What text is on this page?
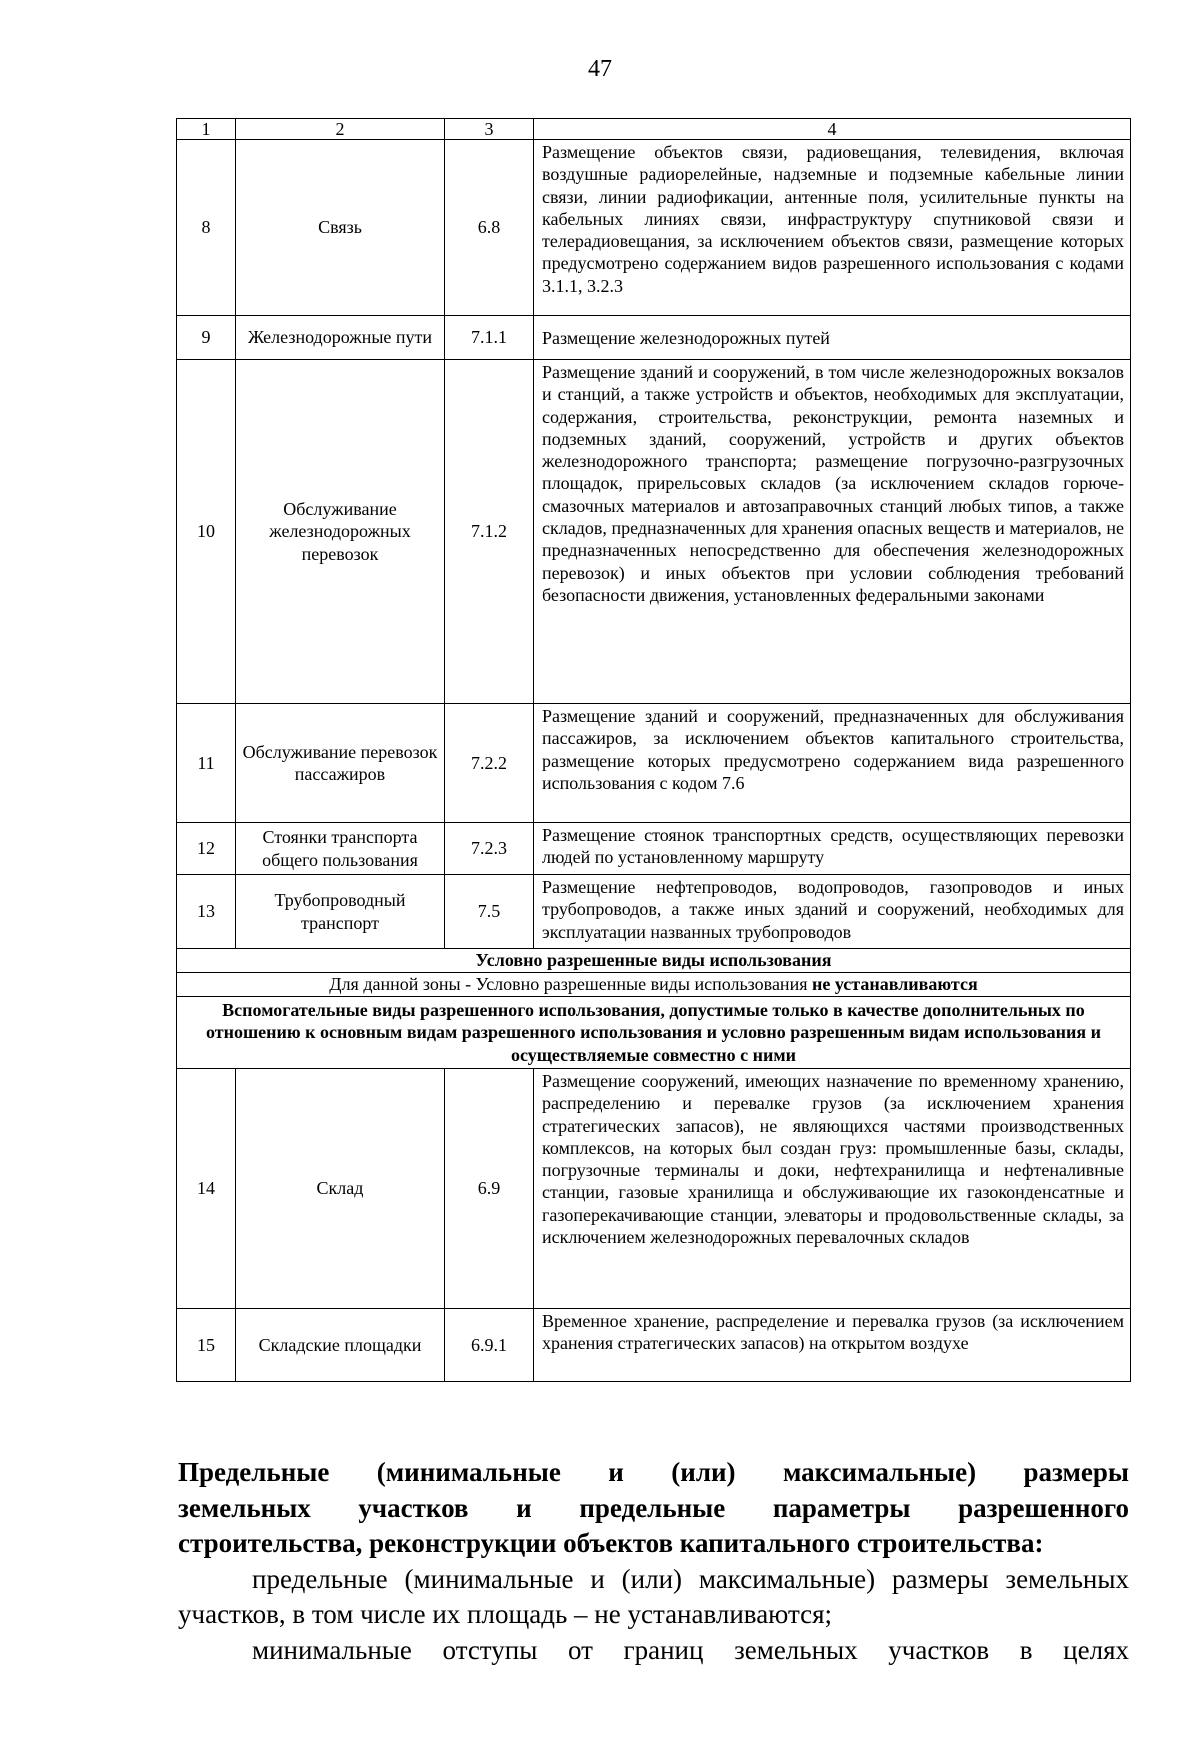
47
1	2	3	4
8	Связь	6.8	Размещение объектов связи, радиовещания, телевидения, включая воздушные радиорелейные, надземные и подземные кабельные линии связи, линии радиофикации, антенные поля, усилительные пункты на кабельных линиях связи, инфраструктуру спутниковой связи и телерадиовещания, за исключением объектов связи, размещение которых предусмотрено содержанием видов разрешенного использования с кодами 3.1.1, 3.2.3
9	Железнодорожные пути	7.1.1	Размещение железнодорожных путей
10	Обслуживание железнодорожных перевозок	7.1.2	Размещение зданий и сооружений, в том числе железнодорожных вокзалов и станций, а также устройств и объектов, необходимых для эксплуатации, содержания, строительства, реконструкции, ремонта наземных и подземных зданий, сооружений, устройств и других объектов железнодорожного транспорта; размещение погрузочно-разгрузочных площадок, прирельсовых складов (за исключением складов горюче-смазочных материалов и автозаправочных станций любых типов, а также складов, предназначенных для хранения опасных веществ и материалов, не предназначенных непосредственно для обеспечения железнодорожных перевозок) и иных объектов при условии соблюдения требований безопасности движения, установленных федеральными законами
11	Обслуживание перевозок пассажиров	7.2.2	Размещение зданий и сооружений, предназначенных для обслуживания пассажиров, за исключением объектов капитального строительства, размещение которых предусмотрено содержанием вида разрешенного использования с кодом 7.6
12	Стоянки транспорта общего пользования	7.2.3	Размещение стоянок транспортных средств, осуществляющих перевозки людей по установленному маршруту
13	Трубопроводный транспорт	7.5	Размещение нефтепроводов, водопроводов, газопроводов и иных трубопроводов, а также иных зданий и сооружений, необходимых для эксплуатации названных трубопроводов
Условно разрешенные виды использования			
Для данной зоны - Условно разрешенные виды использования не устанавливаются			
Вспомогательные виды разрешенного использования, допустимые только в качестве дополнительных по отношению к основным видам разрешенного использования и условно разрешенным видам использования и осуществляемые совместно с ними			
14	Склад	6.9	Размещение сооружений, имеющих назначение по временному хранению, распределению и перевалке грузов (за исключением хранения стратегических запасов), не являющихся частями производственных комплексов, на которых был создан груз: промышленные базы, склады, погрузочные терминалы и доки, нефтехранилища и нефтеналивные станции, газовые хранилища и обслуживающие их газоконденсатные и газоперекачивающие станции, элеваторы и продовольственные склады, за исключением железнодорожных перевалочных складов
15	Складские площадки	6.9.1	Временное хранение, распределение и перевалка грузов (за исключением хранения стратегических запасов) на открытом воздухе

Предельные (минимальные и (или) максимальные) размеры

земельных участков и предельные параметры разрешенного

строительства, реконструкции объектов капитального строительства:

предельные (минимальные и (или) максимальные) размеры земельных участков, в том числе их площадь – не устанавливаются;

минимальные отступы от границ земельных участков в целях
